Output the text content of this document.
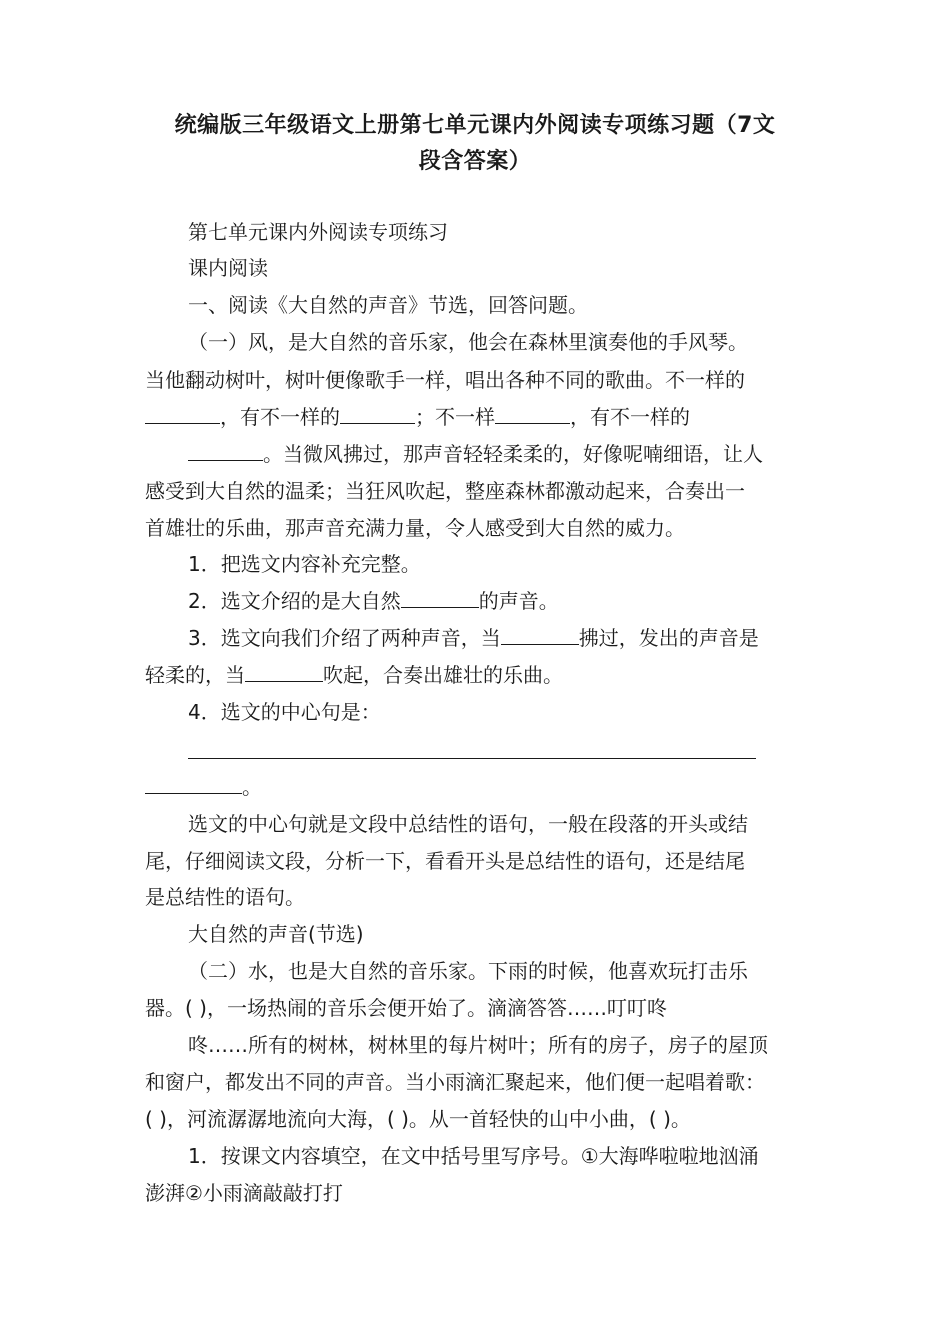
统编版三年级语文上册第七单元课内外阅读专项练习题（7文
段含答案）
第七单元课内外阅读专项练习
课内阅读
一、阅读《大自然的声音》节选，回答问题。
（一）风，是大自然的音乐家，他会在森林里演奏他的手风琴。
当他翻动树叶，树叶便像歌手一样，唱出各种不同的歌曲。不一样的
，有不一样的	；不一样	，有不一样的
。当微风拂过，那声音轻轻柔柔的，好像呢喃细语，让人
感受到大自然的温柔；当狂风吹起，整座森林都激动起来，合奏出一
首雄壮的乐曲，那声音充满力量，令人感受到大自然的威力。
1．把选文内容补充完整。
2．选文介绍的是大自然	的声音。
3．选文向我们介绍了两种声音，当	拂过，发出的声音是
轻柔的，当	吹起，合奏出雄壮的乐曲。
4．选文的中心句是：
。
选文的中心句就是文段中总结性的语句，一般在段落的开头或结
尾，仔细阅读文段，分析一下，看看开头是总结性的语句，还是结尾
是总结性的语句。
大自然的声音(节选)
（二）水，也是大自然的音乐家。下雨的时候，他喜欢玩打击乐
器。( )，一场热闹的音乐会便开始了。滴滴答答……叮叮咚
咚……所有的树林，树林里的每片树叶；所有的房子，房子的屋顶
和窗户，都发出不同的声音。当小雨滴汇聚起来，他们便一起唱着歌：
( )，河流潺潺地流向大海，( )。从一首轻快的山中小曲，( )。
1．按课文内容填空，在文中括号里写序号。①大海哗啦啦地汹涌
澎湃②小雨滴敲敲打打
